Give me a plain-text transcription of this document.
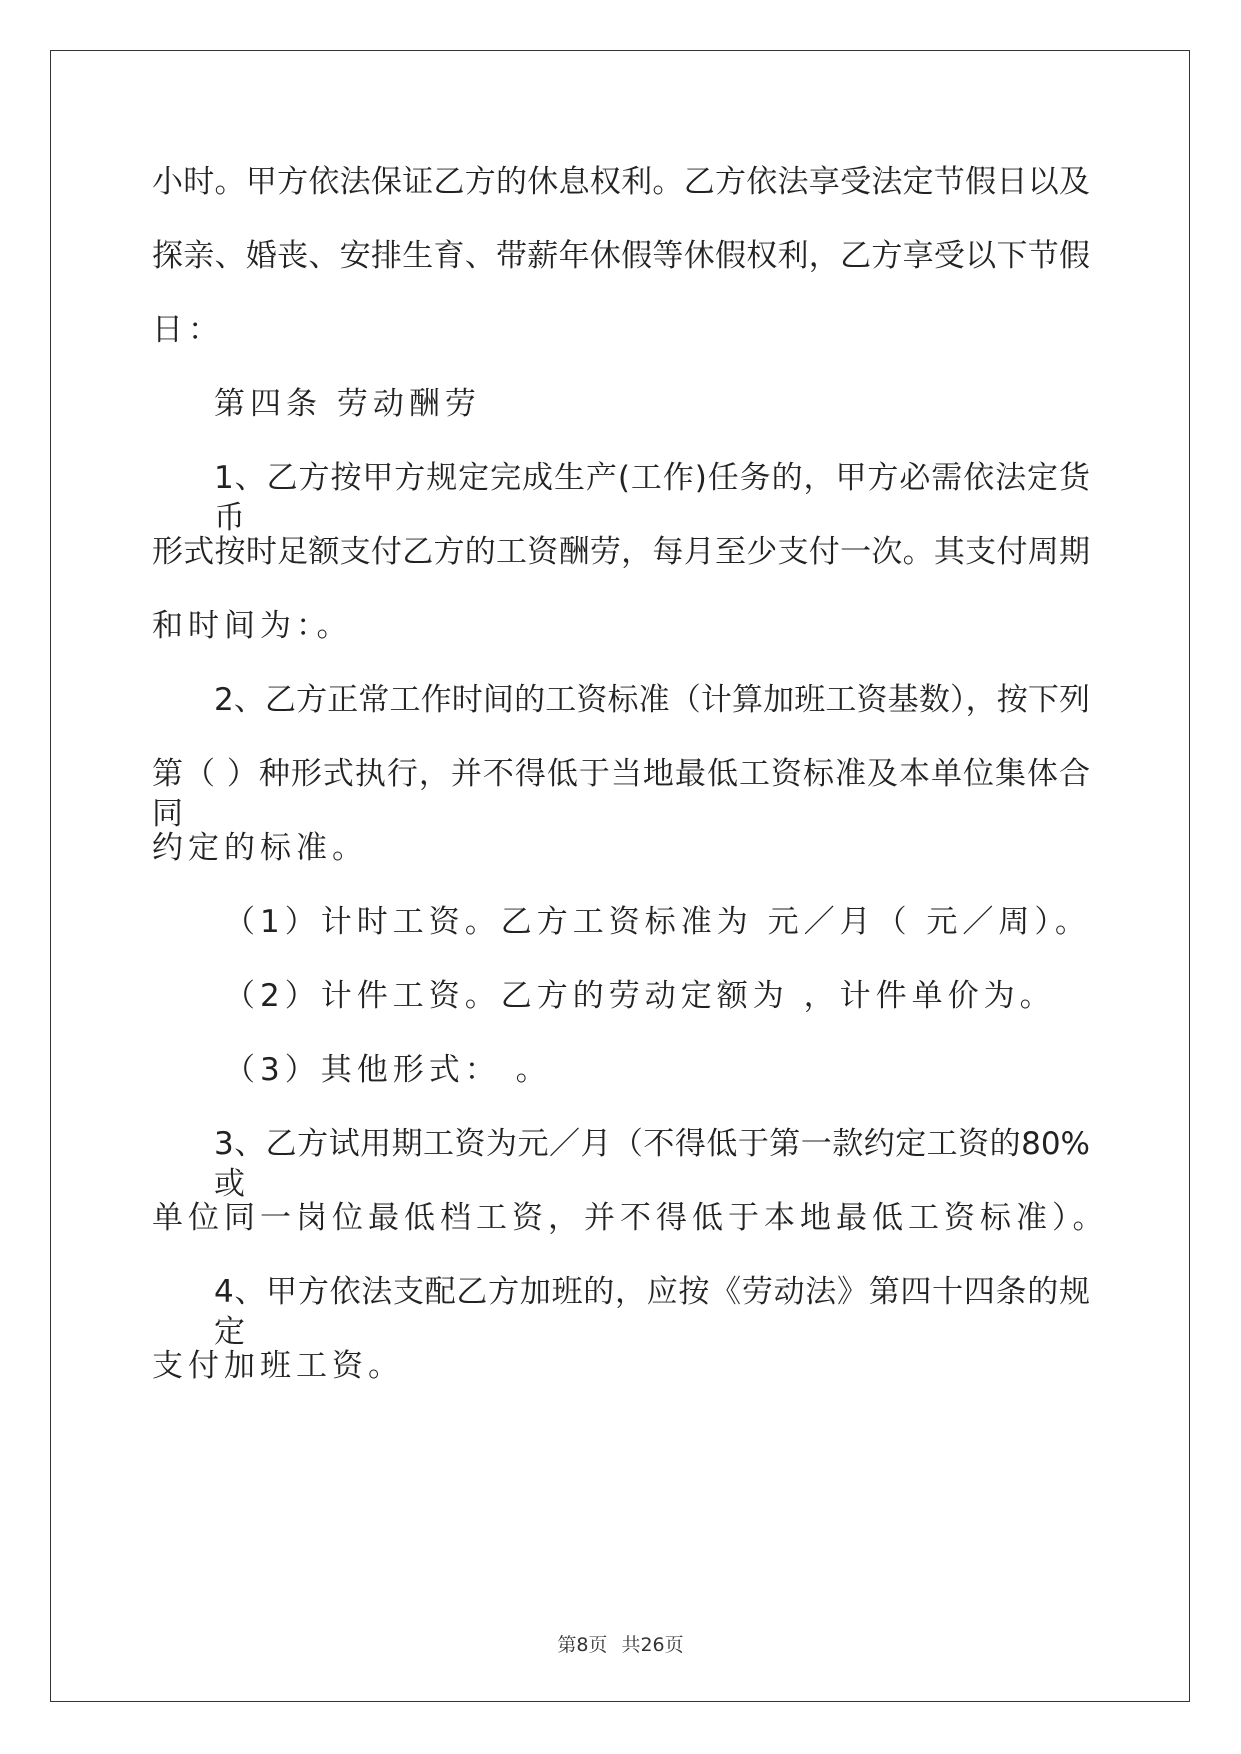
小时。甲方依法保证乙方的休息权利。乙方依法享受法定节假日以及
探亲、婚丧、安排生育、带薪年休假等休假权利，乙方享受以下节假
日：
第四条 劳动酬劳
1、乙方按甲方规定完成生产(工作)任务的，甲方必需依法定货币
形式按时足额支付乙方的工资酬劳，每月至少支付一次。其支付周期
和时间为：。
2、乙方正常工作时间的工资标准（计算加班工资基数），按下列
第（ ）种形式执行，并不得低于当地最低工资标准及本单位集体合同
约定的标准。
（1）计时工资。乙方工资标准为 元／月（ 元／周）。
（2）计件工资。乙方的劳动定额为 ，计件单价为。
（3）其他形式： 。
3、乙方试用期工资为元／月（不得低于第一款约定工资的80%或
单位同一岗位最低档工资，并不得低于本地最低工资标准）。
4、甲方依法支配乙方加班的，应按《劳动法》第四十四条的规定
支付加班工资。
第8页 共26页
